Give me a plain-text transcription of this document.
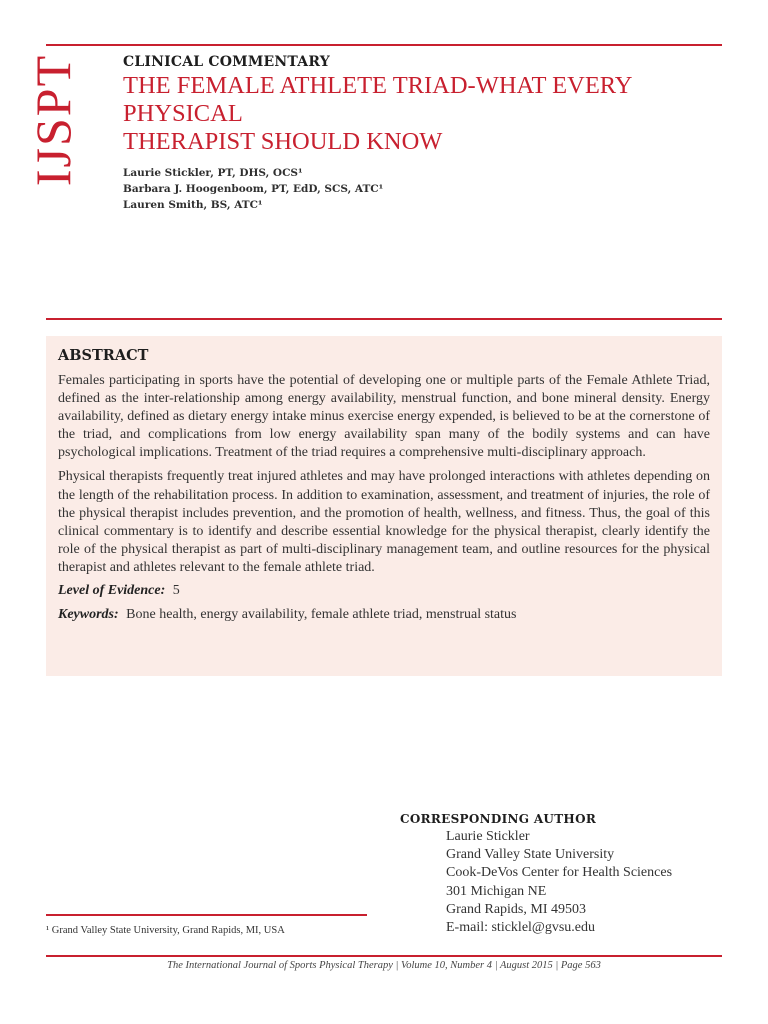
IJSPT	CLINICAL COMMENTARY
THE FEMALE ATHLETE TRIAD-WHAT EVERY PHYSICAL
THERAPIST SHOULD KNOW
Laurie Stickler, PT, DHS, OCS¹
Barbara J. Hoogenboom, PT, EdD, SCS, ATC¹
Lauren Smith, BS, ATC¹
ABSTRACT

Females participating in sports have the potential of developing one or multiple parts of the Female Athlete Triad, defined as the inter-relationship among energy availability, menstrual function, and bone mineral density. Energy availability, defined as dietary energy intake minus exercise energy expended, is believed to be at the cornerstone of the triad, and complications from low energy availability span many of the bodily systems and can have psychological implications. Treatment of the triad requires a comprehensive multi-disciplinary approach.

Physical therapists frequently treat injured athletes and may have prolonged interactions with athletes depending on the length of the rehabilitation process. In addition to examination, assessment, and treatment of injuries, the role of the physical therapist includes prevention, and the promotion of health, wellness, and fitness. Thus, the goal of this clinical commentary is to identify and describe essential knowledge for the physical therapist, clearly identify the role of the physical therapist as part of multi-disciplinary management team, and outline resources for the physical therapist and athletes relevant to the female athlete triad.

Level of Evidence: 5
Keywords: Bone health, energy availability, female athlete triad, menstrual status
CORRESPONDING AUTHOR
Laurie Stickler
Grand Valley State University
Cook-DeVos Center for Health Sciences
301 Michigan NE
Grand Rapids, MI 49503
E-mail: sticklel@gvsu.edu
¹ Grand Valley State University, Grand Rapids, MI, USA
The International Journal of Sports Physical Therapy | Volume 10, Number 4 | August 2015 | Page 563
